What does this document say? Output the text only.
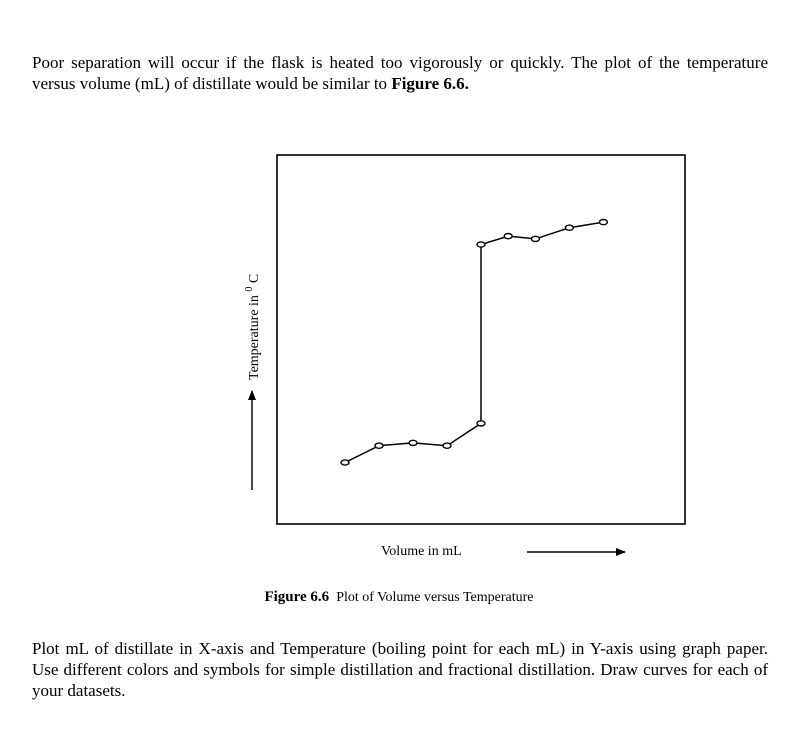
Poor separation will occur if the flask is heated too vigorously or quickly. The plot of the temperature versus volume (mL) of distillate would be similar to Figure 6.6.
Temperature in $^0$ C
Volume in mL
Figure 6.6 Plot of Volume versus Temperature
Plot mL of distillate in X-axis and Temperature (boiling point for each mL) in Y-axis using graph paper. Use different colors and symbols for simple distillation and fractional distillation. Draw curves for each of your datasets.
